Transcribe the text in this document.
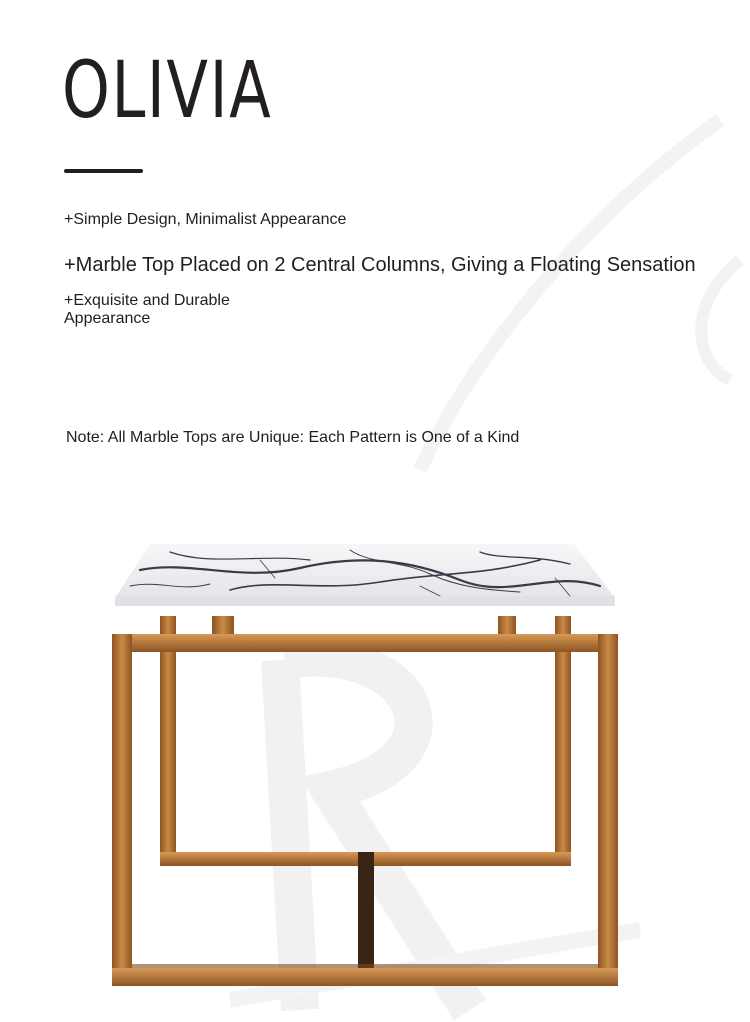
OLIVIA
+Simple Design, Minimalist Appearance
+Marble Top Placed on 2 Central Columns, Giving a Floating Sensation
+Exquisite and Durable Appearance
Note: All Marble Tops are Unique: Each Pattern is One of a Kind
